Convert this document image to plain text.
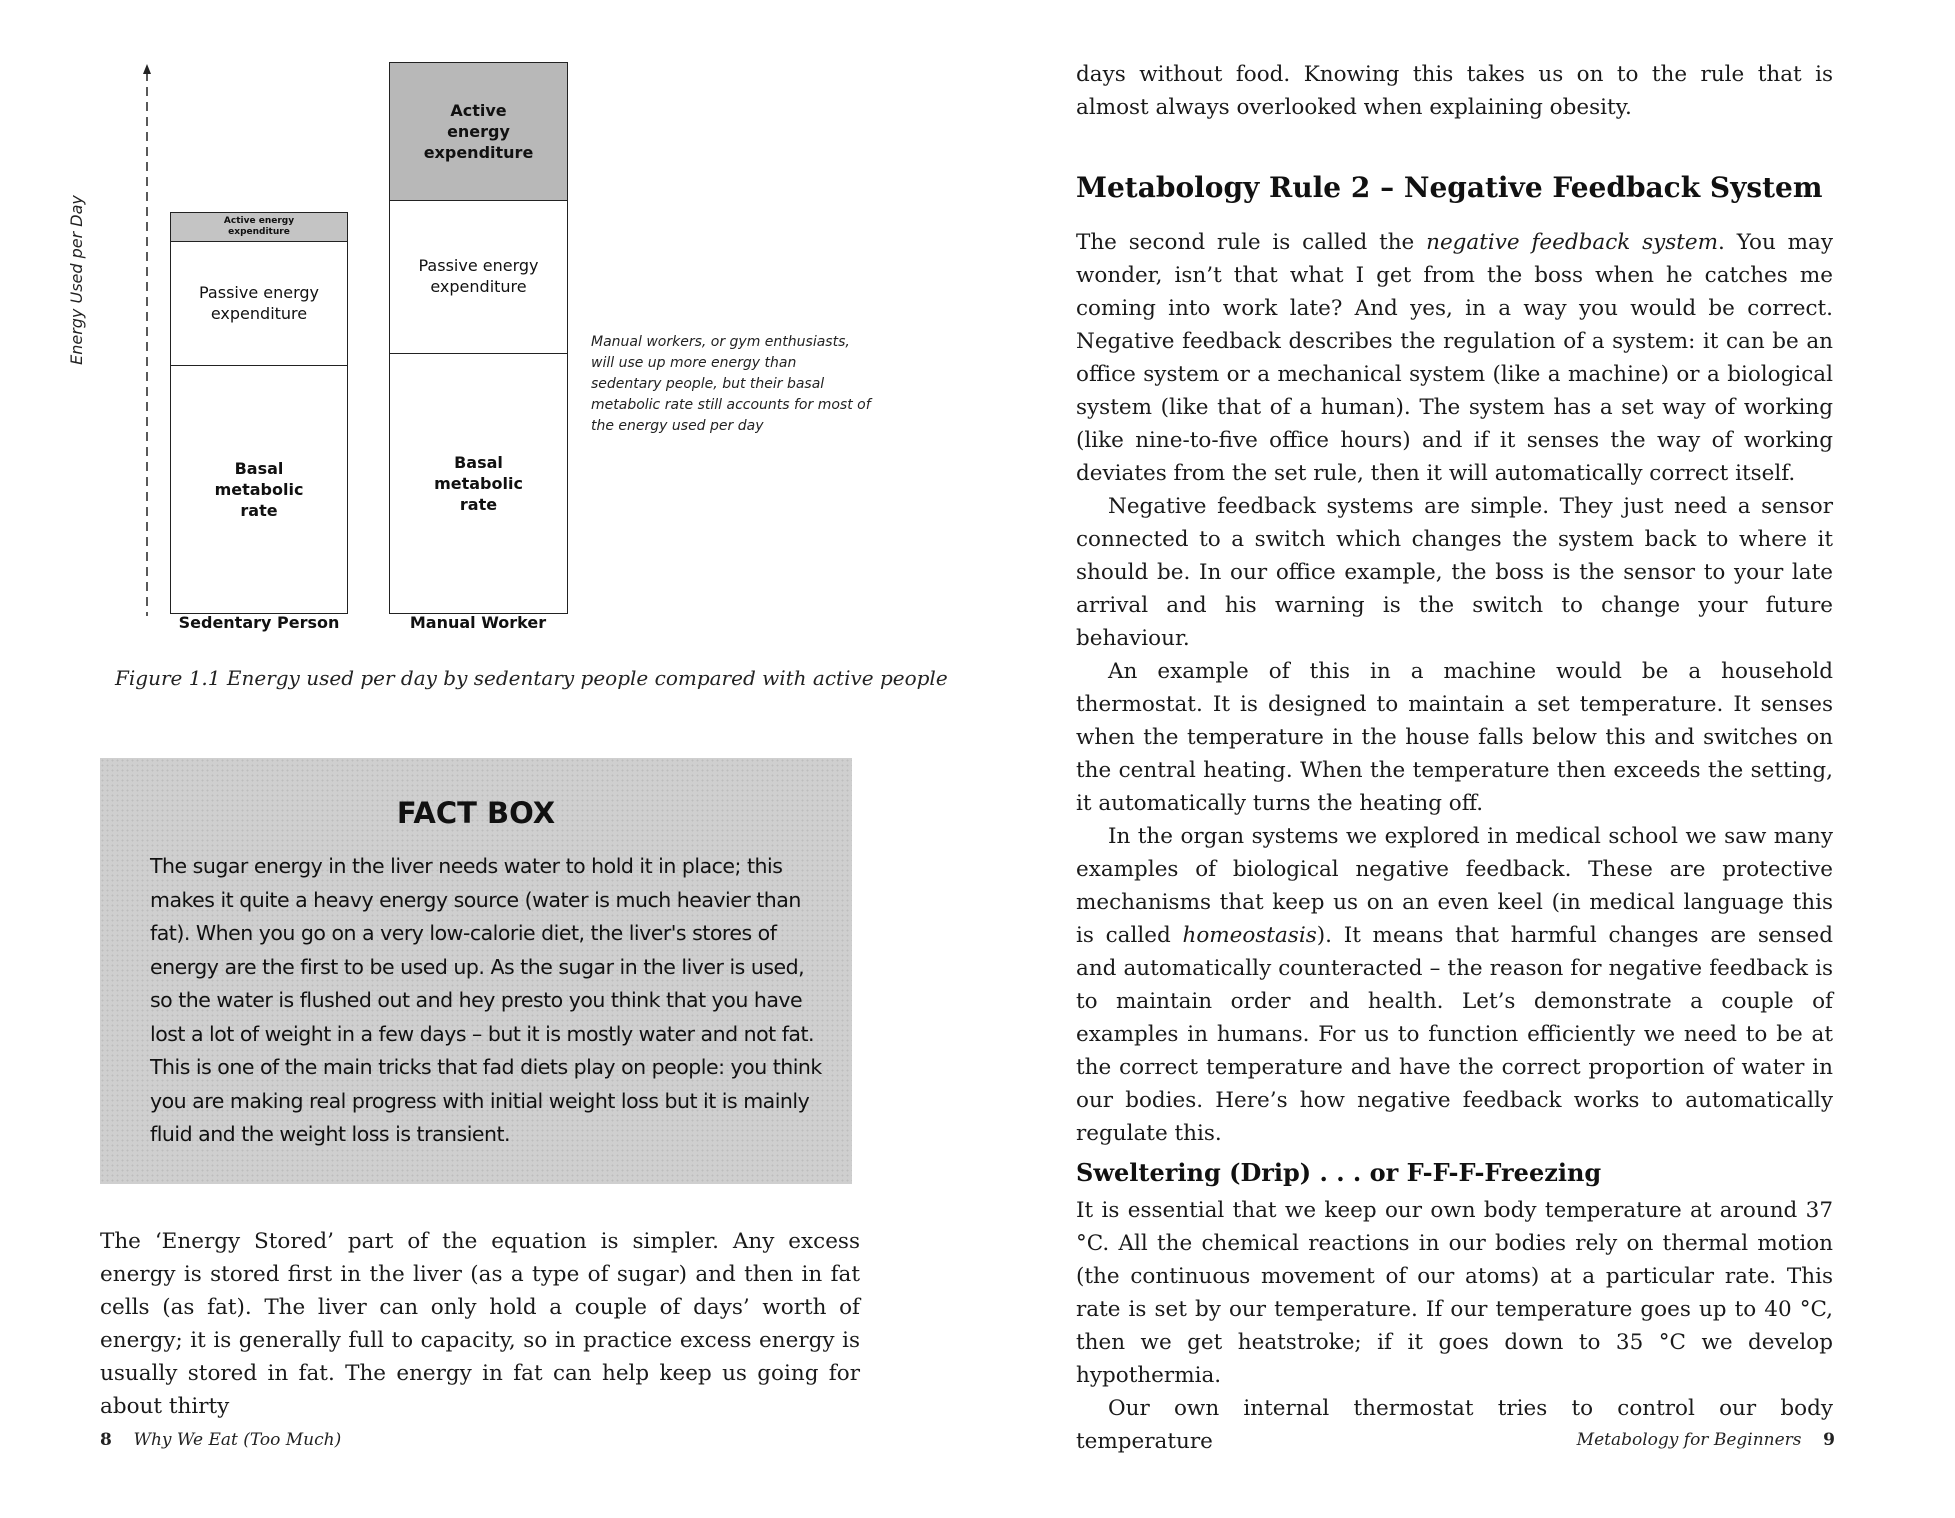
Energy Used per Day	Active energy expenditure
Passive energy expenditure
Basal metabolic rate
Sedentary Person
Active energy expenditure
Passive energy expenditure
Basal metabolic rate
Manual Worker
Manual workers, or gym enthusiasts, will use up more energy than sedentary people, but their basal metabolic rate still accounts for most of the energy used per day
Figure 1.1 Energy used per day by sedentary people compared with active people
FACT BOX
The sugar energy in the liver needs water to hold it in place; this makes it quite a heavy energy source (water is much heavier than fat). When you go on a very low-calorie diet, the liver's stores of energy are the first to be used up. As the sugar in the liver is used, so the water is flushed out and hey presto you think that you have lost a lot of weight in a few days – but it is mostly water and not fat. This is one of the main tricks that fad diets play on people: you think you are making real progress with initial weight loss but it is mainly fluid and the weight loss is transient.

The ‘Energy Stored’ part of the equation is simpler. Any excess energy is stored first in the liver (as a type of sugar) and then in fat cells (as fat). The liver can only hold a couple of days’ worth of energy; it is generally full to capacity, so in practice excess energy is usually stored in fat. The energy in fat can help keep us going for about thirty

8 Why We Eat (Too Much)

days without food. Knowing this takes us on to the rule that is almost always overlooked when explaining obesity.

Metabology Rule 2 – Negative Feedback System

The second rule is called the negative feedback system. You may wonder, isn’t that what I get from the boss when he catches me coming into work late? And yes, in a way you would be correct. Negative feedback describes the regulation of a system: it can be an office system or a mechanical system (like a machine) or a biological system (like that of a human). The system has a set way of working (like nine-to-five office hours) and if it senses the way of working deviates from the set rule, then it will automatically correct itself.

Negative feedback systems are simple. They just need a sensor connected to a switch which changes the system back to where it should be. In our office example, the boss is the sensor to your late arrival and his warning is the switch to change your future behaviour.

An example of this in a machine would be a household thermostat. It is designed to maintain a set temperature. It senses when the temperature in the house falls below this and switches on the central heating. When the temperature then exceeds the setting, it automatically turns the heating off.

In the organ systems we explored in medical school we saw many examples of biological negative feedback. These are protective mechanisms that keep us on an even keel (in medical language this is called homeostasis). It means that harmful changes are sensed and automatically counteracted – the reason for negative feedback is to maintain order and health. Let’s demonstrate a couple of examples in humans. For us to function efficiently we need to be at the correct temperature and have the correct proportion of water in our bodies. Here’s how negative feedback works to automatically regulate this.

Sweltering (Drip) . . . or F-F-F-Freezing

It is essential that we keep our own body temperature at around 37 °C. All the chemical reactions in our bodies rely on thermal motion (the continuous movement of our atoms) at a particular rate. This rate is set by our temperature. If our temperature goes up to 40 °C, then we get heatstroke; if it goes down to 35 °C we develop hypothermia.

Our own internal thermostat tries to control our body temperature	Metabology for Beginners 9
